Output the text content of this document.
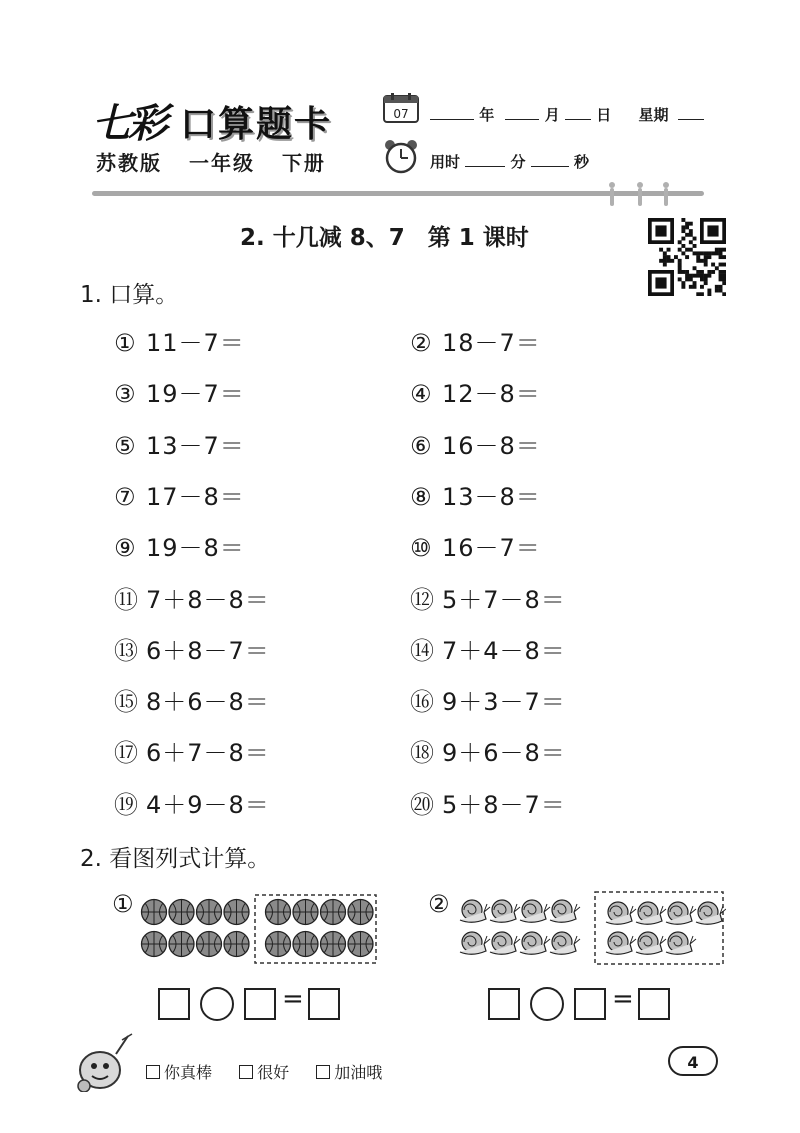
七彩 口算题卡
苏教版 一年级 下册
07	年	月 日 星期
用时	分	秒
2. 十几减 8、7　第 1 课时
1. 口算。
① 11－7＝	② 18－7＝
③ 19－7＝	④ 12－8＝
⑤ 13－7＝	⑥ 16－8＝
⑦ 17－8＝	⑧ 13－8＝
⑨ 19－8＝	⑩ 16－7＝
⑪ 7＋8－8＝	⑫ 5＋7－8＝
⑬ 6＋8－7＝	⑭ 7＋4－8＝
⑮ 8＋6－8＝	⑯ 9＋3－7＝
⑰ 6＋7－8＝	⑱ 9＋6－8＝
⑲ 4＋9－8＝	⑳ 5＋8－7＝
2. 看图列式计算。
①	②
=	=
你真棒	很好	加油哦
4
